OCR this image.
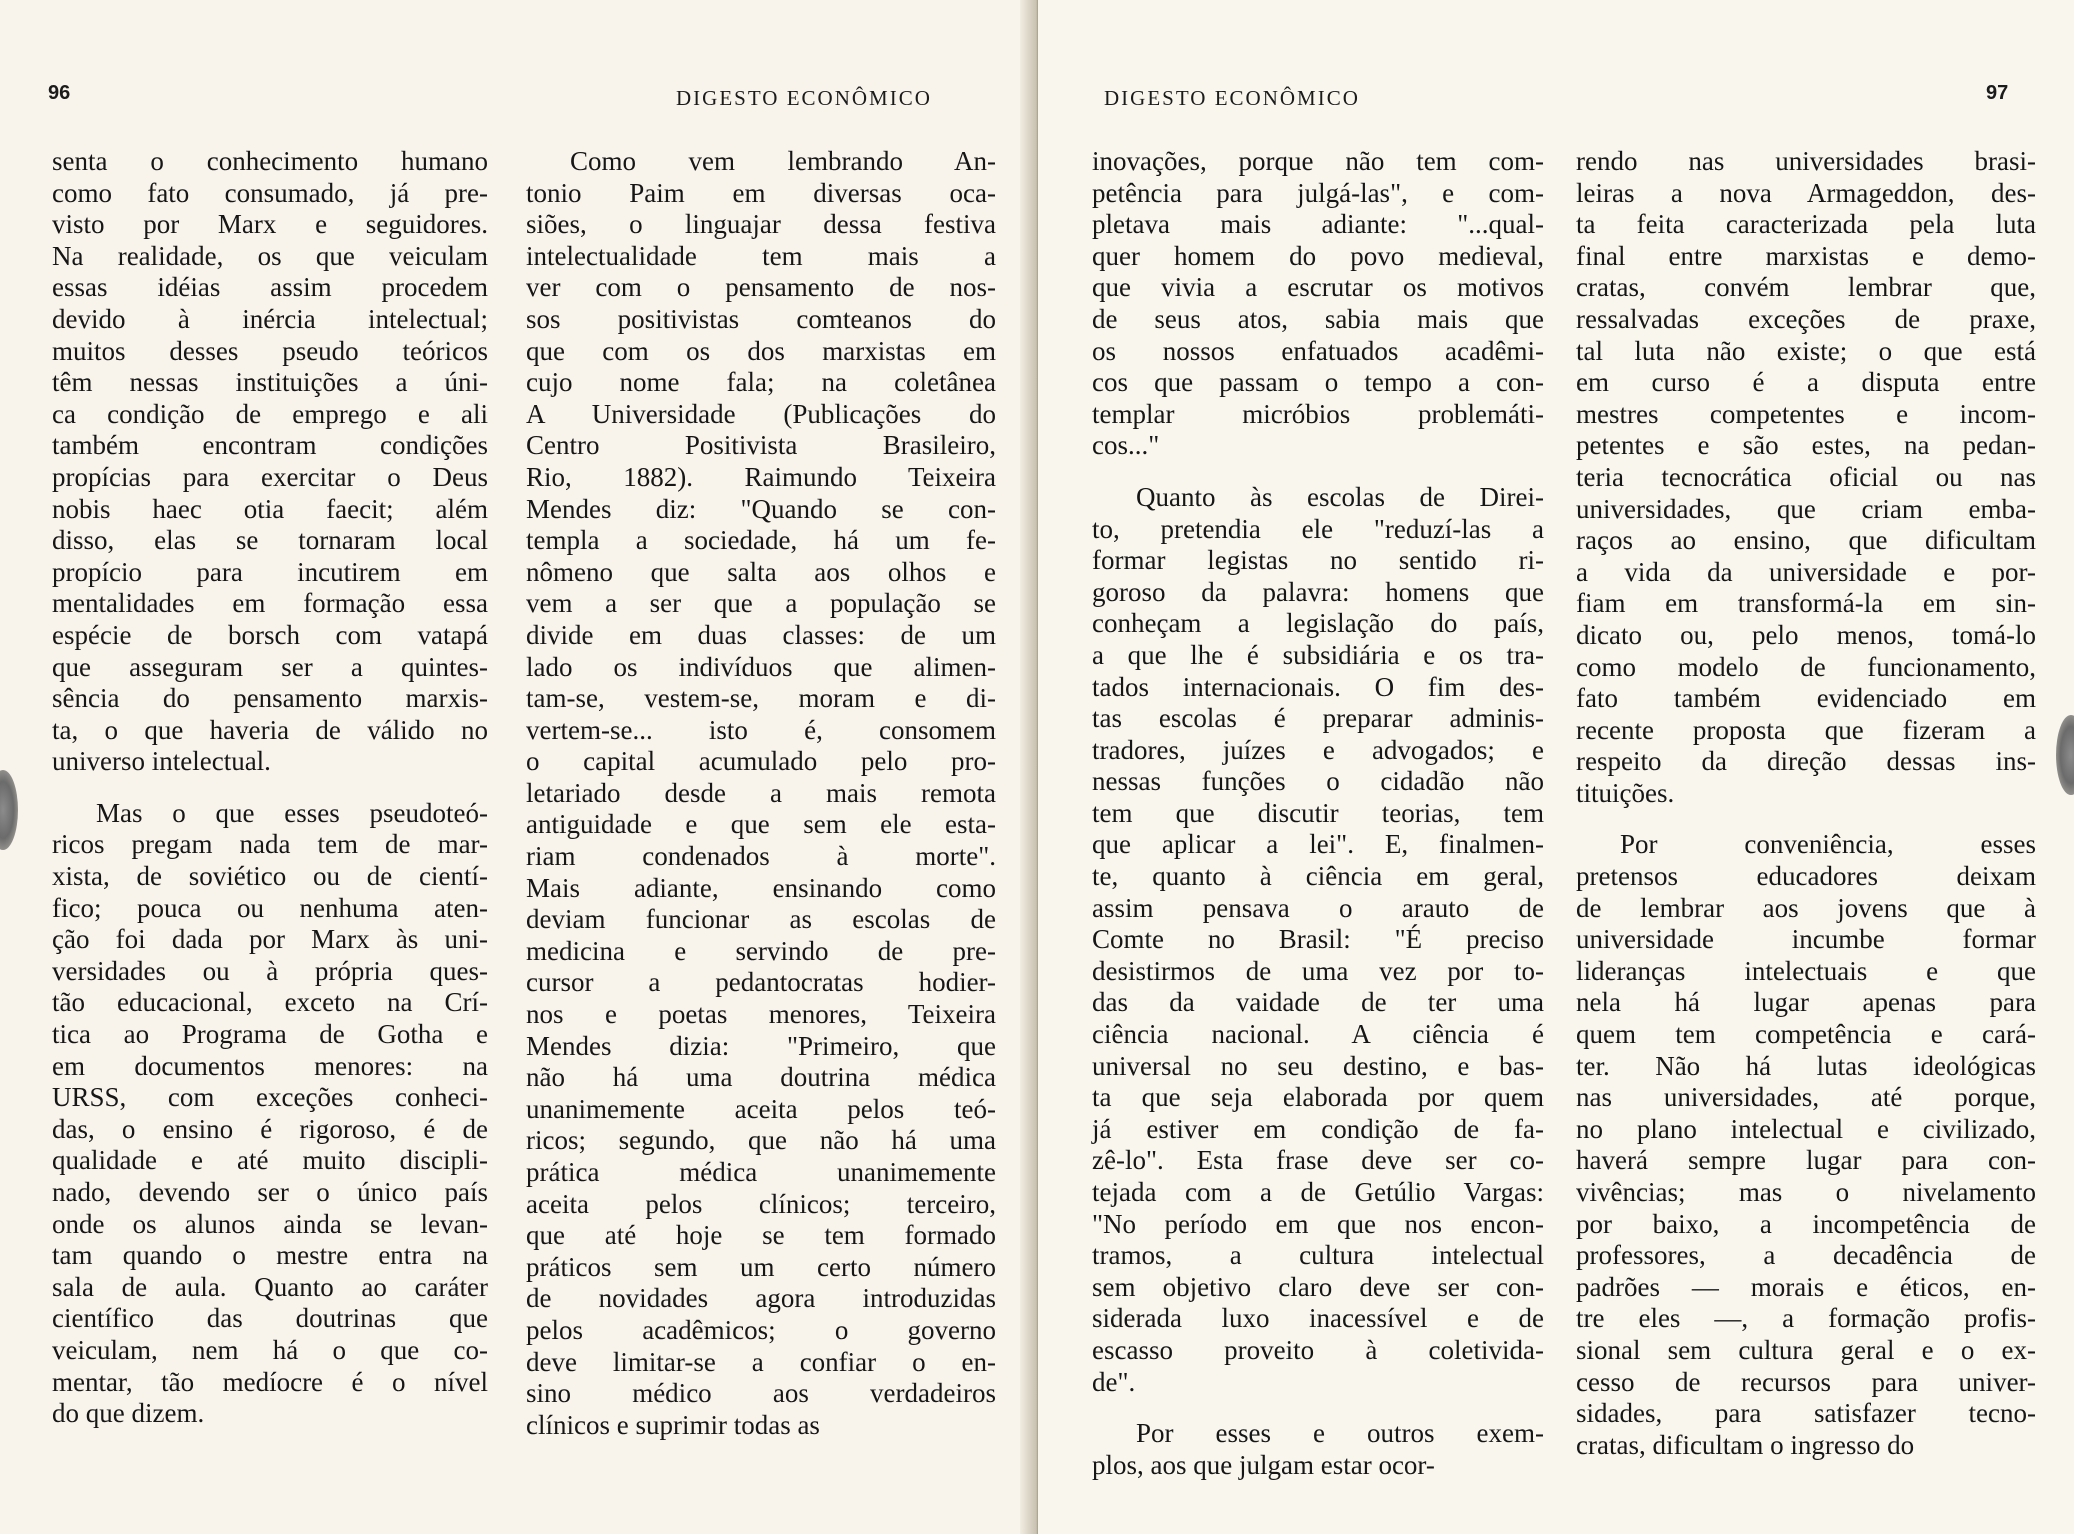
96	DIGESTO ECONÔMICO

senta o conhecimento humano
como fato consumado, já pre-
visto por Marx e seguidores.
Na realidade, os que veiculam
essas idéias assim procedem
devido à inércia intelectual;
muitos desses pseudo teóricos
têm nessas instituições a úni-
ca condição de emprego e ali
também encontram condições
propícias para exercitar o Deus
nobis haec otia faecit; além
disso, elas se tornaram local
propício para incutirem em
mentalidades em formação essa
espécie de borsch com vatapá
que asseguram ser a quintes-
sência do pensamento marxis-
ta, o que haveria de válido no
universo intelectual.

Mas o que esses pseudoteó-
ricos pregam nada tem de mar-
xista, de soviético ou de cientí-
fico; pouca ou nenhuma aten-
ção foi dada por Marx às uni-
versidades ou à própria ques-
tão educacional, exceto na Crí-
tica ao Programa de Gotha e
em documentos menores: na
URSS, com exceções conheci-
das, o ensino é rigoroso, é de
qualidade e até muito discipli-
nado, devendo ser o único país
onde os alunos ainda se levan-
tam quando o mestre entra na
sala de aula. Quanto ao caráter
científico das doutrinas que
veiculam, nem há o que co-
mentar, tão medíocre é o nível
do que dizem.

Como vem lembrando An-
tonio Paim em diversas oca-
siões, o linguajar dessa festiva
intelectualidade tem mais a
ver com o pensamento de nos-
sos positivistas comteanos do
que com os dos marxistas em
cujo nome fala; na coletânea
A Universidade (Publicações do
Centro Positivista Brasileiro,
Rio, 1882). Raimundo Teixeira
Mendes diz: "Quando se con-
templa a sociedade, há um fe-
nômeno que salta aos olhos e
vem a ser que a população se
divide em duas classes: de um
lado os indivíduos que alimen-
tam-se, vestem-se, moram e di-
vertem-se... isto é, consomem
o capital acumulado pelo pro-
letariado desde a mais remota
antiguidade e que sem ele esta-
riam condenados à morte".
Mais adiante, ensinando como
deviam funcionar as escolas de
medicina e servindo de pre-
cursor a pedantocratas hodier-
nos e poetas menores, Teixeira
Mendes dizia: "Primeiro, que
não há uma doutrina médica
unanimemente aceita pelos teó-
ricos; segundo, que não há uma
prática médica unanimemente
aceita pelos clínicos; terceiro,
que até hoje se tem formado
práticos sem um certo número
de novidades agora introduzidas
pelos acadêmicos; o governo
deve limitar-se a confiar o en-
sino médico aos verdadeiros
clínicos e suprimir todas as

DIGESTO ECONÔMICO	97

inovações, porque não tem com-
petência para julgá-las", e com-
pletava mais adiante: "...qual-
quer homem do povo medieval,
que vivia a escrutar os motivos
de seus atos, sabia mais que
os nossos enfatuados acadêmi-
cos que passam o tempo a con-
templar micróbios problemáti-
cos..."

Quanto às escolas de Direi-
to, pretendia ele "reduzí-las a
formar legistas no sentido ri-
goroso da palavra: homens que
conheçam a legislação do país,
a que lhe é subsidiária e os tra-
tados internacionais. O fim des-
tas escolas é preparar adminis-
tradores, juízes e advogados; e
nessas funções o cidadão não
tem que discutir teorias, tem
que aplicar a lei". E, finalmen-
te, quanto à ciência em geral,
assim pensava o arauto de
Comte no Brasil: "É preciso
desistirmos de uma vez por to-
das da vaidade de ter uma
ciência nacional. A ciência é
universal no seu destino, e bas-
ta que seja elaborada por quem
já estiver em condição de fa-
zê-lo". Esta frase deve ser co-
tejada com a de Getúlio Vargas:
"No período em que nos encon-
tramos, a cultura intelectual
sem objetivo claro deve ser con-
siderada luxo inacessível e de
escasso proveito à coletivida-
de".

Por esses e outros exem-
plos, aos que julgam estar ocor-

rendo nas universidades brasi-
leiras a nova Armageddon, des-
ta feita caracterizada pela luta
final entre marxistas e demo-
cratas, convém lembrar que,
ressalvadas exceções de praxe,
tal luta não existe; o que está
em curso é a disputa entre
mestres competentes e incom-
petentes e são estes, na pedan-
teria tecnocrática oficial ou nas
universidades, que criam emba-
raços ao ensino, que dificultam
a vida da universidade e por-
fiam em transformá-la em sin-
dicato ou, pelo menos, tomá-lo
como modelo de funcionamento,
fato também evidenciado em
recente proposta que fizeram a
respeito da direção dessas ins-
tituições.

Por conveniência, esses
pretensos educadores deixam
de lembrar aos jovens que à
universidade incumbe formar
lideranças intelectuais e que
nela há lugar apenas para
quem tem competência e cará-
ter. Não há lutas ideológicas
nas universidades, até porque,
no plano intelectual e civilizado,
haverá sempre lugar para con-
vivências; mas o nivelamento
por baixo, a incompetência de
professores, a decadência de
padrões — morais e éticos, en-
tre eles —, a formação profis-
sional sem cultura geral e o ex-
cesso de recursos para univer-
sidades, para satisfazer tecno-
cratas, dificultam o ingresso do
